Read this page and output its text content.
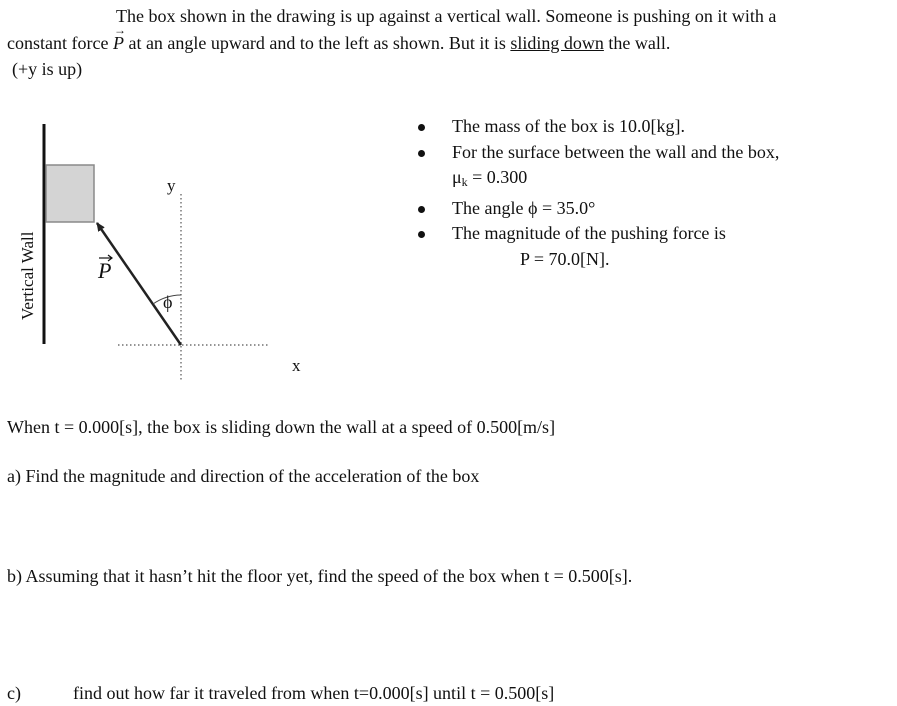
The box shown in the drawing is up against a vertical wall. Someone is pushing on it with a
constant force → P at an angle upward and to the left as shown. But it is sliding down the wall.
(+y is up)
Vertical Wall	P
ϕ
y
x
The mass of the box is 10.0[kg].
For the surface between the wall and the box,
$\mu_k = 0.300$
The angle ϕ = 35.0°
The magnitude of the pushing force is
P = 70.0[N].
When t = 0.000[s], the box is sliding down the wall at a speed of 0.500[m/s]
a) Find the magnitude and direction of the acceleration of the box
b) Assuming that it hasn’t hit the floor yet, find the speed of the box when t = 0.500[s].
c)	find out how far it traveled from when t=0.000[s] until t = 0.500[s]
